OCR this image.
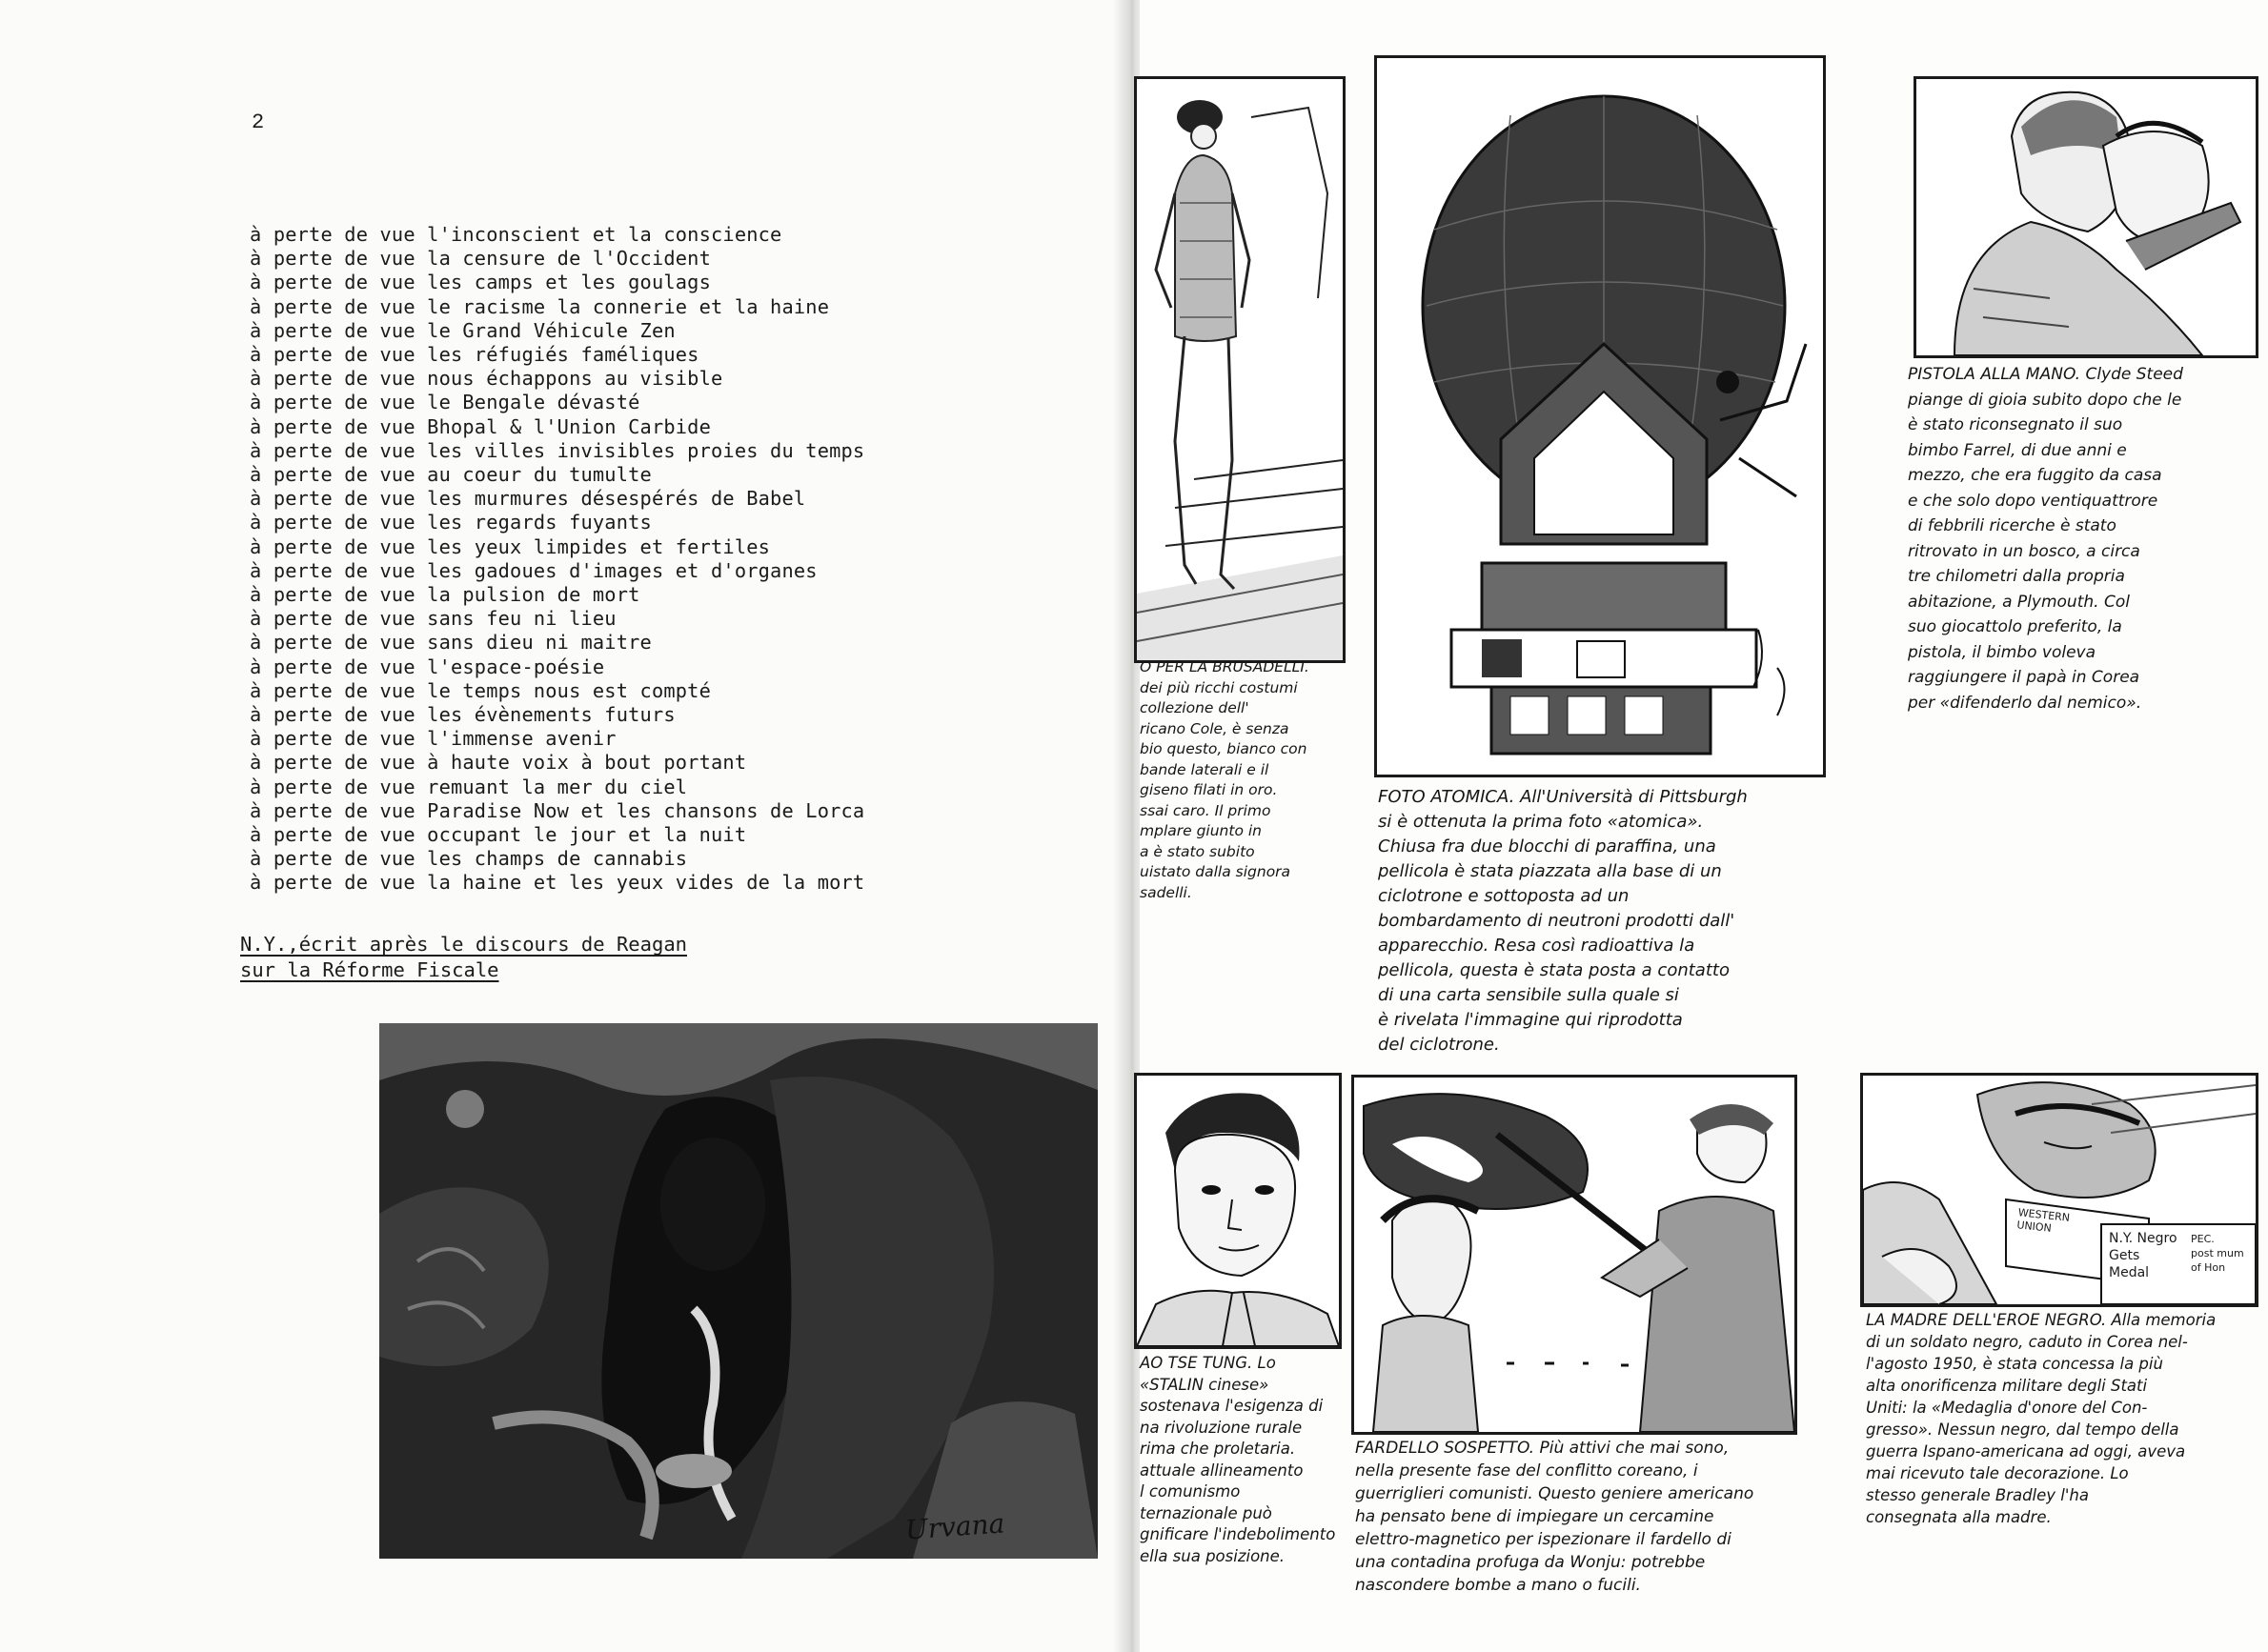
2
à perte de vue l'inconscient et la conscience
à perte de vue la censure de l'Occident
à perte de vue les camps et les goulags
à perte de vue le racisme la connerie et la haine
à perte de vue le Grand Véhicule Zen
à perte de vue les réfugiés faméliques
à perte de vue nous échappons au visible
à perte de vue le Bengale dévasté
à perte de vue Bhopal & l'Union Carbide
à perte de vue les villes invisibles proies du temps
à perte de vue au coeur du tumulte
à perte de vue les murmures désespérés de Babel
à perte de vue les regards fuyants
à perte de vue les yeux limpides et fertiles
à perte de vue les gadoues d'images et d'organes
à perte de vue la pulsion de mort
à perte de vue sans feu ni lieu
à perte de vue sans dieu ni maitre
à perte de vue l'espace-poésie
à perte de vue le temps nous est compté
à perte de vue les évènements futurs
à perte de vue l'immense avenir
à perte de vue à haute voix à bout portant
à perte de vue remuant la mer du ciel
à perte de vue Paradise Now et les chansons de Lorca
à perte de vue occupant le jour et la nuit
à perte de vue les champs de cannabis
à perte de vue la haine et les yeux vides de la mort
N.Y.,écrit après le discours de Reagan
sur la Réforme Fiscale
Urvana

O PER LA BRUSADELLI.
dei più ricchi costumi
collezione dell'
ricano Cole, è senza
bio questo, bianco con
bande laterali e il
giseno filati in oro.
ssai caro. Il primo
mplare giunto in
a è stato subito
uistato dalla signora
sadelli.

FOTO ATOMICA. All'Università di Pittsburgh
si è ottenuta la prima foto «atomica».
Chiusa fra due blocchi di paraffina, una
pellicola è stata piazzata alla base di un
ciclotrone e sottoposta ad un
bombardamento di neutroni prodotti dall'
apparecchio. Resa così radioattiva la
pellicola, questa è stata posta a contatto
di una carta sensibile sulla quale si
è rivelata l'immagine qui riprodotta
del ciclotrone.

PISTOLA ALLA MANO. Clyde Steed
piange di gioia subito dopo che le
è stato riconsegnato il suo
bimbo Farrel, di due anni e
mezzo, che era fuggito da casa
e che solo dopo ventiquattrore
di febbrili ricerche è stato
ritrovato in un bosco, a circa
tre chilometri dalla propria
abitazione, a Plymouth. Col
suo giocattolo preferito, la
pistola, il bimbo voleva
raggiungere il papà in Corea
per «difenderlo dal nemico».

AO TSE TUNG. Lo
«STALIN cinese»
sostenava l'esigenza di
na rivoluzione rurale
rima che proletaria.
attuale allineamento
l comunismo
ternazionale può
gnificare l'indebolimento
ella sua posizione.

FARDELLO SOSPETTO. Più attivi che mai sono,
nella presente fase del conflitto coreano, i
guerriglieri comunisti. Questo geniere americano
ha pensato bene di impiegare un cercamine
elettro-magnetico per ispezionare il fardello di
una contadina profuga da Wonju: potrebbe
nascondere bombe a mano o fucili.

WESTERN
UNION
N.Y. Negro
Gets
Medal
PEC.
post mum
of Hon

LA MADRE DELL'EROE NEGRO. Alla memoria
di un soldato negro, caduto in Corea nel-
l'agosto 1950, è stata concessa la più
alta onorificenza militare degli Stati
Uniti: la «Medaglia d'onore del Con-
gresso». Nessun negro, dal tempo della
guerra Ispano-americana ad oggi, aveva
mai ricevuto tale decorazione. Lo
stesso generale Bradley l'ha
consegnata alla madre.
